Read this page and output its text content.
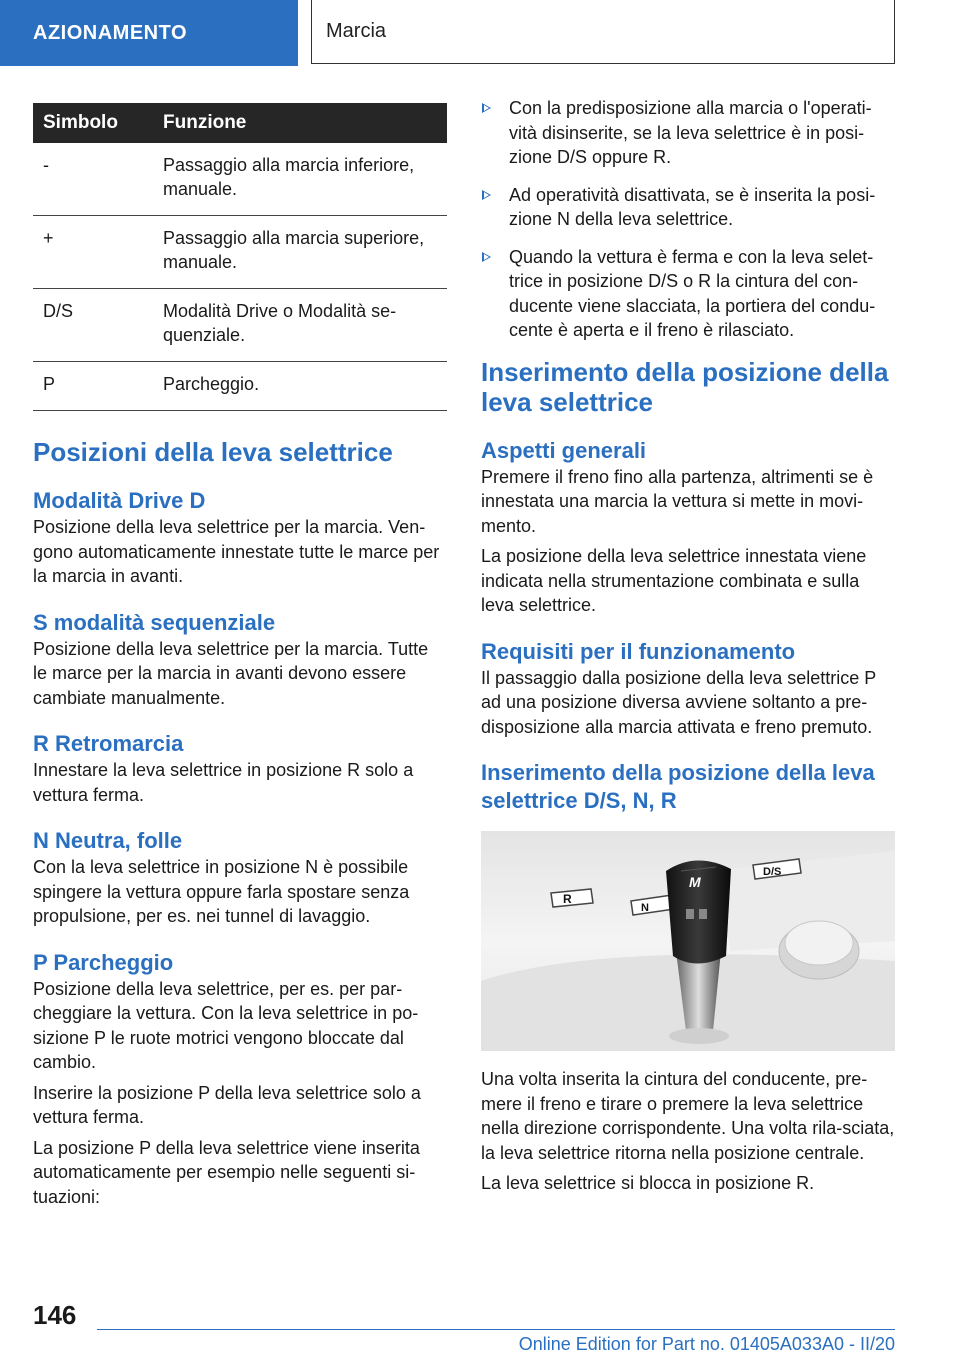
AZIONAMENTO	Marcia
Simbolo	Funzione
-	Passaggio alla marcia inferiore, manuale.
+	Passaggio alla marcia superiore, manuale.
D/S	Modalità Drive o Modalità se-quenziale.
P	Parcheggio.
Posizioni della leva selettrice
Modalità Drive D

Posizione della leva selettrice per la marcia. Ven-gono automaticamente innestate tutte le marce per la marcia in avanti.

S modalità sequenziale

Posizione della leva selettrice per la marcia. Tutte le marce per la marcia in avanti devono essere cambiate manualmente.

R Retromarcia

Innestare la leva selettrice in posizione R solo a vettura ferma.

N Neutra, folle

Con la leva selettrice in posizione N è possibile spingere la vettura oppure farla spostare senza propulsione, per es. nei tunnel di lavaggio.

P Parcheggio

Posizione della leva selettrice, per es. per par-cheggiare la vettura. Con la leva selettrice in po-sizione P le ruote motrici vengono bloccate dal cambio.

Inserire la posizione P della leva selettrice solo a vettura ferma.

La posizione P della leva selettrice viene inserita automaticamente per esempio nelle seguenti si-tuazioni:

Con la predisposizione alla marcia o l'operati-vità disinserite, se la leva selettrice è in posi-zione D/S oppure R.
Ad operatività disattivata, se è inserita la posi-zione N della leva selettrice.
Quando la vettura è ferma e con la leva selet-trice in posizione D/S o R la cintura del con-ducente viene slacciata, la portiera del condu-cente è aperta e il freno è rilasciato.
Inserimento della posizione della leva selettrice
Aspetti generali

Premere il freno fino alla partenza, altrimenti se è innestata una marcia la vettura si mette in movi-mento.

La posizione della leva selettrice innestata viene indicata nella strumentazione combinata e sulla leva selettrice.

Requisiti per il funzionamento

Il passaggio dalla posizione della leva selettrice P ad una posizione diversa avviene soltanto a pre-disposizione alla marcia attivata e freno premuto.

Inserimento della posizione della leva selettrice D/S, N, R
R
N
D/S
M

Una volta inserita la cintura del conducente, pre-mere il freno e tirare o premere la leva selettrice nella direzione corrispondente. Una volta rila-sciata, la leva selettrice ritorna nella posizione centrale.

La leva selettrice si blocca in posizione R.

146
Online Edition for Part no. 01405A033A0 - II/20
